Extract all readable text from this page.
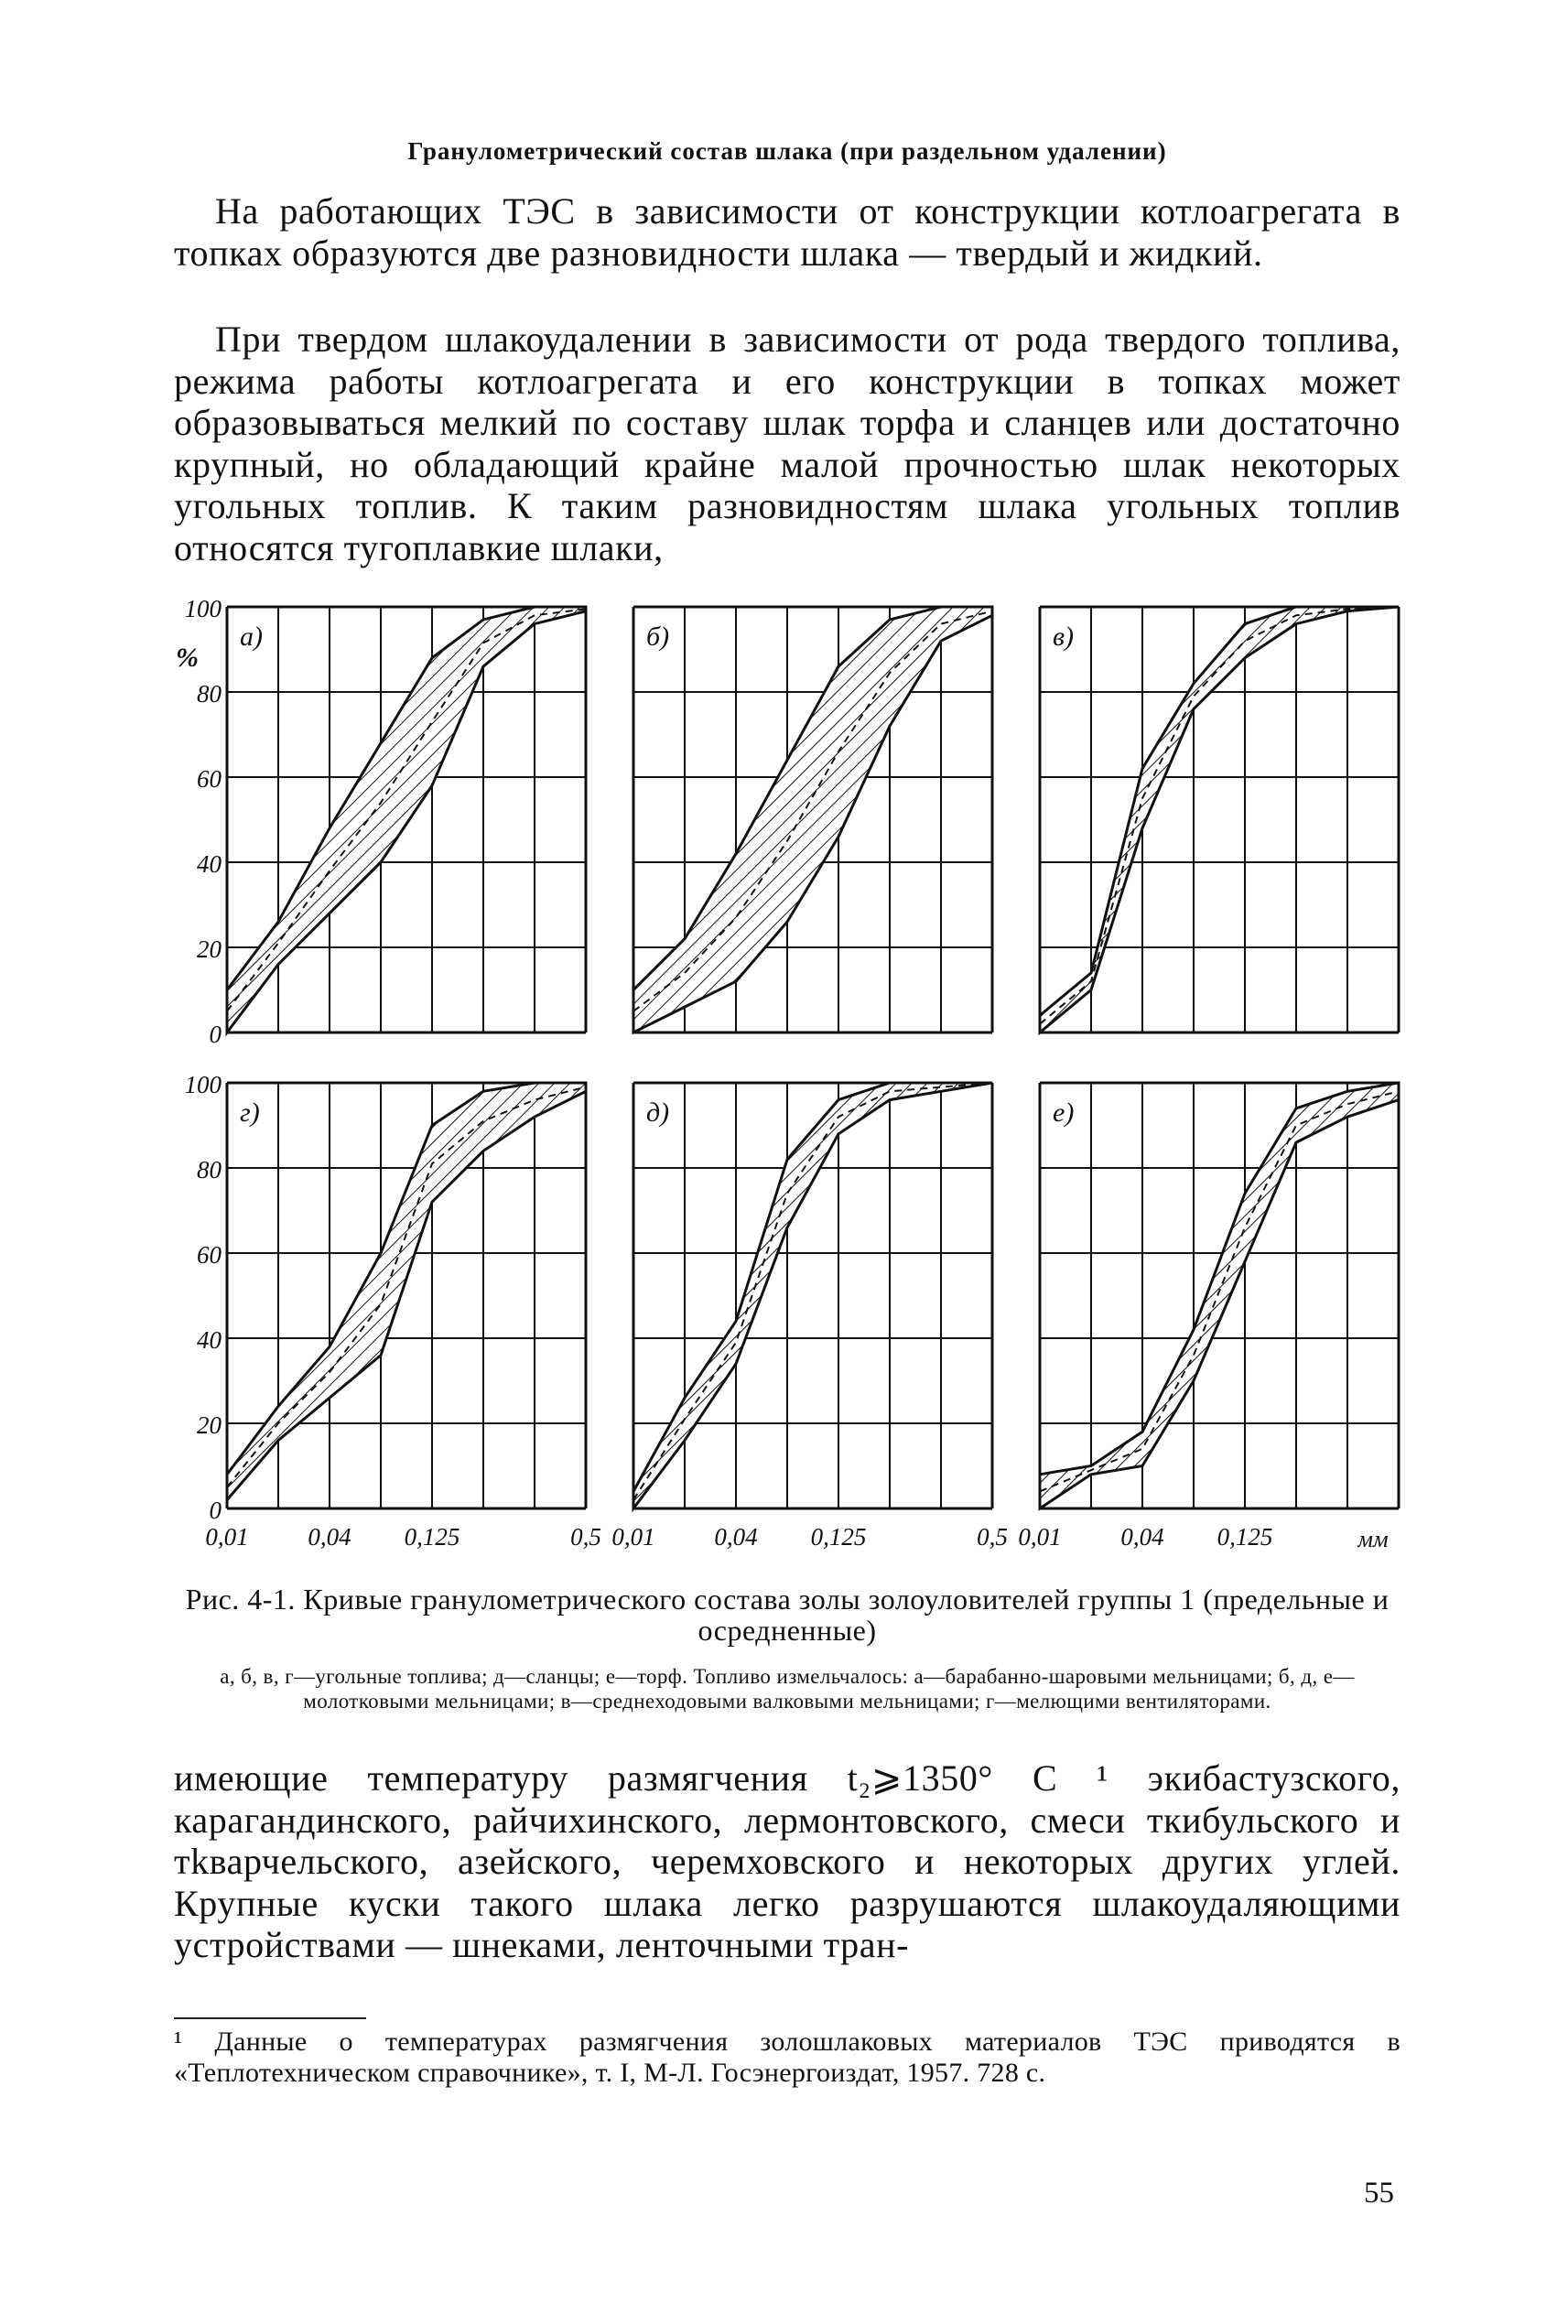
Гранулометрический состав шлака (при раздельном удалении)

На работающих ТЭС в зависимости от конструкции котлоагрегата в топках образуются две разновидности шлака — твердый и жидкий.

При твердом шлакоудалении в зависимости от рода твердого топлива, режима работы котлоагрегата и его конструкции в топках может образовываться мелкий по составу шлак торфа и сланцев или достаточно крупный, но обладающий крайне малой прочностью шлак некоторых угольных топлив. К таким разновидностям шлака угольных топлив относятся тугоплавкие шлаки,

а)	б)	в)
г)	д)	е)
100
80
60
40
20
0
100
80
60
40
20
0
%
0,01 0,04 0,125	0,5 0,01 0,04 0,125	0,5 0,01 0,04 0,125	мм
Рис. 4-1. Кривые гранулометрического состава золы золоуловителей группы 1 (предельные и осредненные)
а, б, в, г—угольные топлива; д—сланцы; е—торф. Топливо измельчалось: а—барабанно-шаровыми мельницами; б, д, е—молотковыми мельницами; в—среднеходовыми валковыми мельницами; г—мелющими вентиляторами.

имеющие температуру размягчения t₂⩾1350° C ¹ экибастузского, карагандинского, райчихинского, лермонтовского, смеси ткибульского и тkварчельского, азейского, черемховского и некоторых других углей. Крупные куски такого шлака легко разрушаются шлакоудаляющими устройствами — шнеками, ленточными тран-

¹ Данные о температурах размягчения золошлаковых материалов ТЭС приводятся в «Теплотехническом справочнике», т. I, М-Л. Госэнергоиздат, 1957. 728 с.
55
